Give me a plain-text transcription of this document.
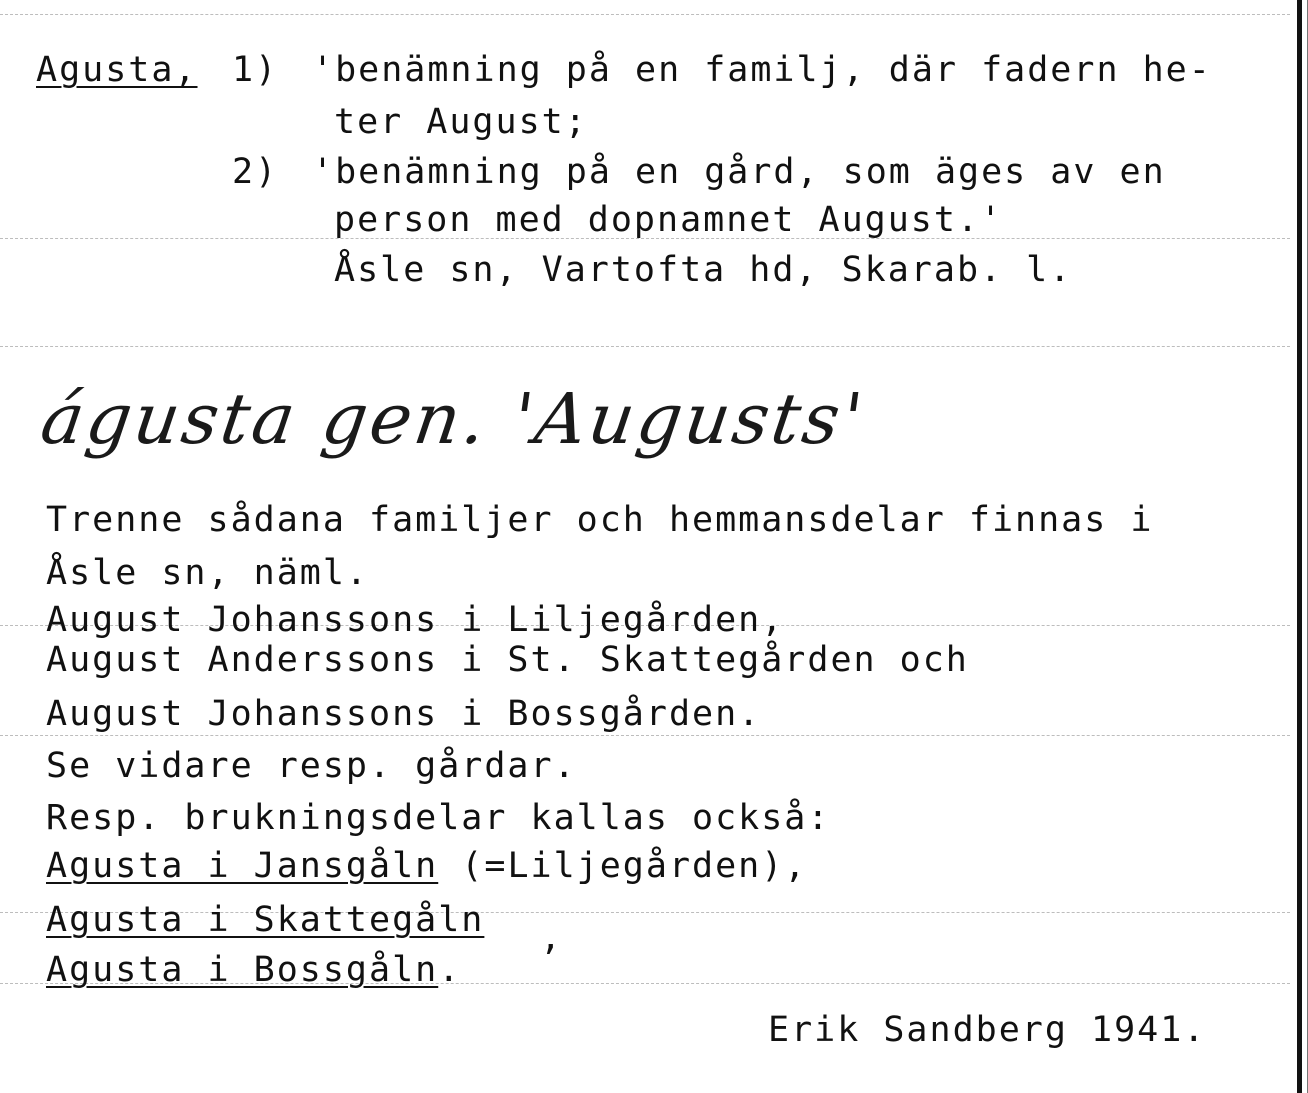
Agusta, 1) 'benämning på en familj, där fadern he-
ter August;
2) 'benämning på en gård, som äges av en
person med dopnamnet August.'
Åsle sn, Vartofta hd, Skarab. l.
águsta gen. 'Augusts'
Trenne sådana familjer och hemmansdelar finnas i
Åsle sn, näml.
August Johanssons i Liljegården,
August Anderssons i St. Skattegården och
August Johanssons i Bossgården.
Se vidare resp. gårdar.
Resp. brukningsdelar kallas också:
Agusta i Jansgåln (=Liljegården),
Agusta i Skattegåln ,
Agusta i Bossgåln.
Erik Sandberg 1941.
